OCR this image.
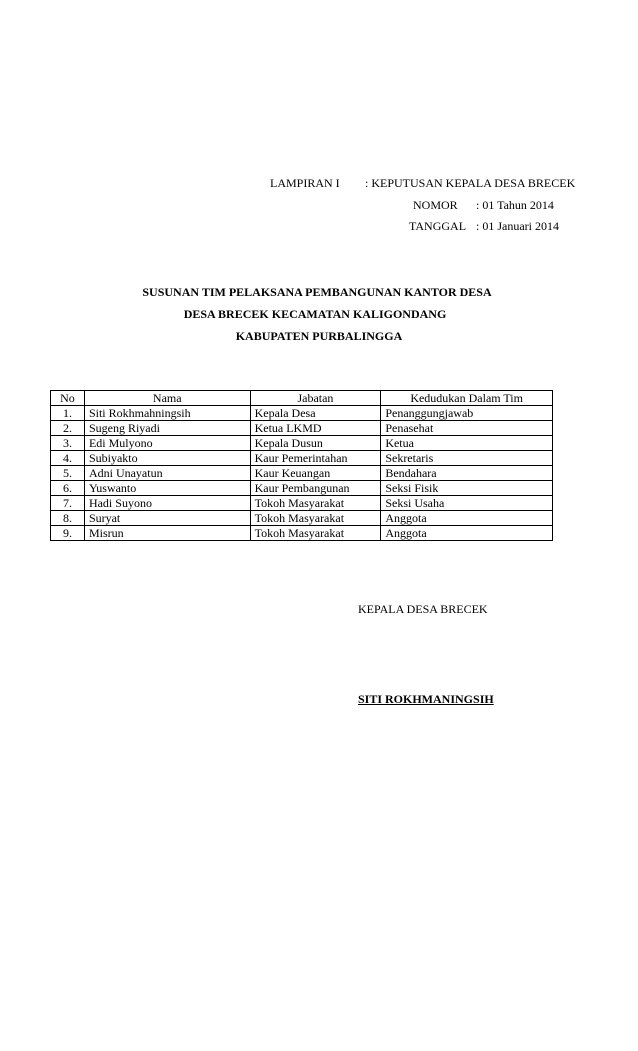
LAMPIRAN I : KEPUTUSAN KEPALA DESA BRECEK
NOMOR : 01 Tahun 2014
TANGGAL : 01 Januari 2014
SUSUNAN TIM PELAKSANA PEMBANGUNAN KANTOR DESA
DESA BRECEK KECAMATAN KALIGONDANG
KABUPATEN PURBALINGGA
No	Nama	Jabatan	Kedudukan Dalam Tim
1.	Siti Rokhmahningsih	Kepala Desa	Penanggungjawab
2.	Sugeng Riyadi	Ketua LKMD	Penasehat
3.	Edi Mulyono	Kepala Dusun	Ketua
4.	Subiyakto	Kaur Pemerintahan	Sekretaris
5.	Adni Unayatun	Kaur Keuangan	Bendahara
6.	Yuswanto	Kaur Pembangunan	Seksi Fisik
7.	Hadi Suyono	Tokoh Masyarakat	Seksi Usaha
8.	Suryat	Tokoh Masyarakat	Anggota
9.	Misrun	Tokoh Masyarakat	Anggota
KEPALA DESA BRECEK
SITI ROKHMANINGSIH
